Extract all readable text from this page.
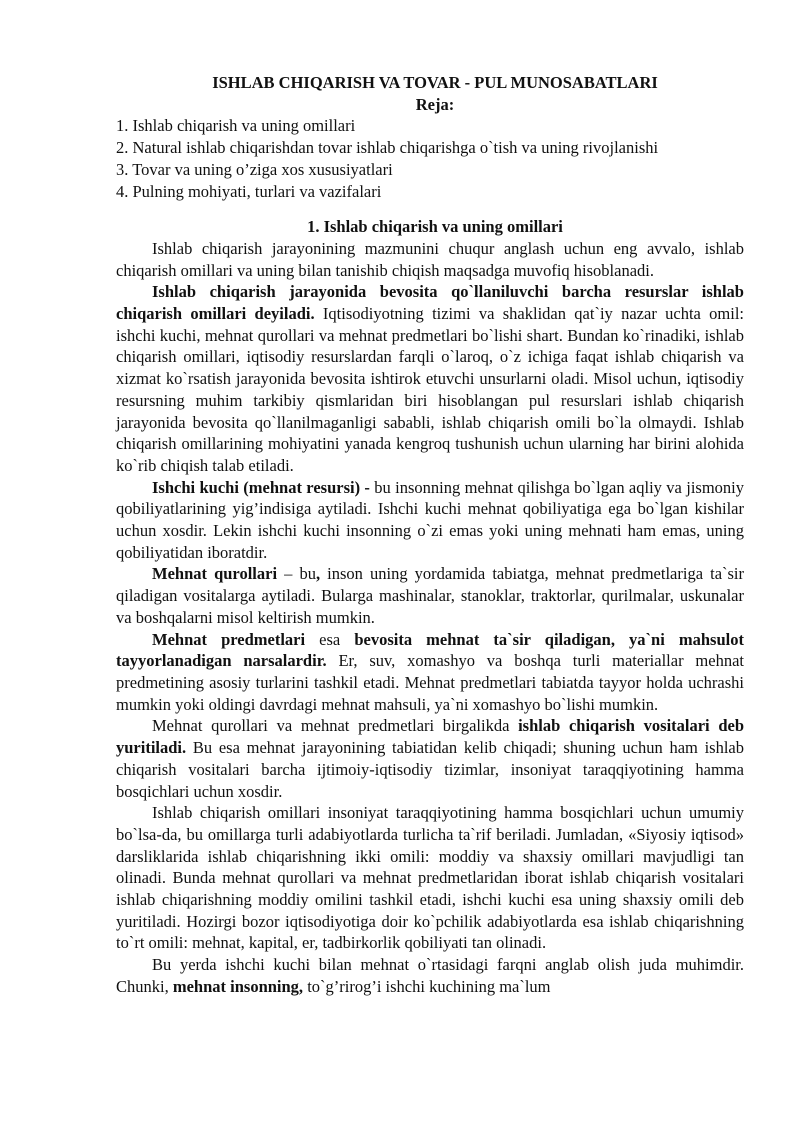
ISHLAB CHIQARISH VA TOVAR - PUL MUNOSABATLARI
Reja:
1. Ishlab chiqarish va uning omillari
2. Natural ishlab chiqarishdan tovar ishlab chiqarishga o`tish va uning rivojlanishi
3. Tovar va uning o’ziga xos xususiyatlari
4. Pulning mohiyati, turlari va vazifalari
1. Ishlab chiqarish va uning omillari

Ishlab chiqarish jarayonining mazmunini chuqur anglash uchun eng avvalo, ishlab chiqarish omillari va uning bilan tanishib chiqish maqsadga muvofiq hisoblanadi.

Ishlab chiqarish jarayonida bevosita qo`llaniluvchi barcha resurslar ishlab chiqarish omillari deyiladi. Iqtisodiyotning tizimi va shaklidan qat`iy nazar uchta omil: ishchi kuchi, mehnat qurollari va mehnat predmetlari bo`lishi shart. Bundan ko`rinadiki, ishlab chiqarish omillari, iqtisodiy resurslardan farqli o`laroq, o`z ichiga faqat ishlab chiqarish va xizmat ko`rsatish jarayonida bevosita ishtirok etuvchi unsurlarni oladi. Misol uchun, iqtisodiy resursning muhim tarkibiy qismlaridan biri hisoblangan pul resurslari ishlab chiqarish jarayonida bevosita qo`llanilmaganligi sababli, ishlab chiqarish omili bo`la olmaydi. Ishlab chiqarish omillarining mohiyatini yanada kengroq tushunish uchun ularning har birini alohida ko`rib chiqish talab etiladi.

Ishchi kuchi (mehnat resursi) - bu insonning mehnat qilishga bo`lgan aqliy va jismoniy qobiliyatlarining yig’indisiga aytiladi. Ishchi kuchi mehnat qobiliyatiga ega bo`lgan kishilar uchun xosdir. Lekin ishchi kuchi insonning o`zi emas yoki uning mehnati ham emas, uning qobiliyatidan iboratdir.

Mehnat qurollari – bu, inson uning yordamida tabiatga, mehnat predmetlariga ta`sir qiladigan vositalarga aytiladi. Bularga mashinalar, stanoklar, traktorlar, qurilmalar, uskunalar va boshqalarni misol keltirish mumkin.

Mehnat predmetlari esa bevosita mehnat ta`sir qiladigan, ya`ni mahsulot tayyorlanadigan narsalardir. Er, suv, xomashyo va boshqa turli materiallar mehnat predmetining asosiy turlarini tashkil etadi. Mehnat predmetlari tabiatda tayyor holda uchrashi mumkin yoki oldingi davrdagi mehnat mahsuli, ya`ni xomashyo bo`lishi mumkin.

Mehnat qurollari va mehnat predmetlari birgalikda ishlab chiqarish vositalari deb yuritiladi. Bu esa mehnat jarayonining tabiatidan kelib chiqadi; shuning uchun ham ishlab chiqarish vositalari barcha ijtimoiy-iqtisodiy tizimlar, insoniyat taraqqiyotining hamma bosqichlari uchun xosdir.

Ishlab chiqarish omillari insoniyat taraqqiyotining hamma bosqichlari uchun umumiy bo`lsa-da, bu omillarga turli adabiyotlarda turlicha ta`rif beriladi. Jumladan, «Siyosiy iqtisod» darsliklarida ishlab chiqarishning ikki omili: moddiy va shaxsiy omillari mavjudligi tan olinadi. Bunda mehnat qurollari va mehnat predmetlaridan iborat ishlab chiqarish vositalari ishlab chiqarishning moddiy omilini tashkil etadi, ishchi kuchi esa uning shaxsiy omili deb yuritiladi. Hozirgi bozor iqtisodiyotiga doir ko`pchilik adabiyotlarda esa ishlab chiqarishning to`rt omili: mehnat, kapital, er, tadbirkorlik qobiliyati tan olinadi.

Bu yerda ishchi kuchi bilan mehnat o`rtasidagi farqni anglab olish juda muhimdir. Chunki, mehnat insonning, to`g’rirog’i ishchi kuchining ma`lum
